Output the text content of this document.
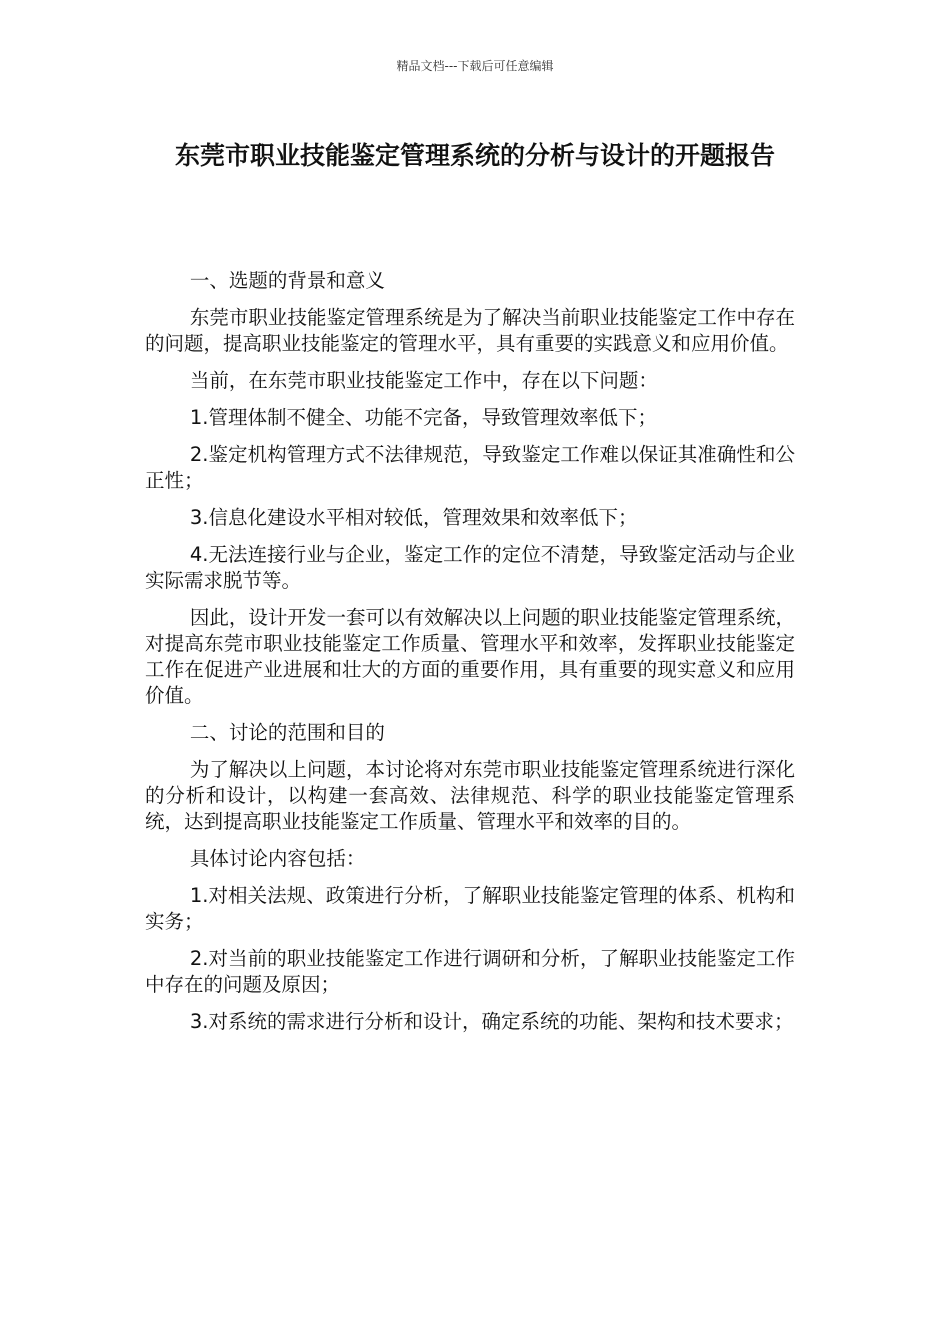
精品文档---下载后可任意编辑
东莞市职业技能鉴定管理系统的分析与设计的开题报告

一、选题的背景和意义

东莞市职业技能鉴定管理系统是为了解决当前职业技能鉴定工作中存在的问题，提高职业技能鉴定的管理水平，具有重要的实践意义和应用价值。

当前，在东莞市职业技能鉴定工作中，存在以下问题：

1.管理体制不健全、功能不完备，导致管理效率低下；

2.鉴定机构管理方式不法律规范，导致鉴定工作难以保证其准确性和公正性；

3.信息化建设水平相对较低，管理效果和效率低下；

4.无法连接行业与企业，鉴定工作的定位不清楚，导致鉴定活动与企业实际需求脱节等。

因此，设计开发一套可以有效解决以上问题的职业技能鉴定管理系统，对提高东莞市职业技能鉴定工作质量、管理水平和效率，发挥职业技能鉴定工作在促进产业进展和壮大的方面的重要作用，具有重要的现实意义和应用价值。

二、讨论的范围和目的

为了解决以上问题，本讨论将对东莞市职业技能鉴定管理系统进行深化的分析和设计，以构建一套高效、法律规范、科学的职业技能鉴定管理系统，达到提高职业技能鉴定工作质量、管理水平和效率的目的。

具体讨论内容包括：

1.对相关法规、政策进行分析，了解职业技能鉴定管理的体系、机构和实务；

2.对当前的职业技能鉴定工作进行调研和分析，了解职业技能鉴定工作中存在的问题及原因；

3.对系统的需求进行分析和设计，确定系统的功能、架构和技术要求；
